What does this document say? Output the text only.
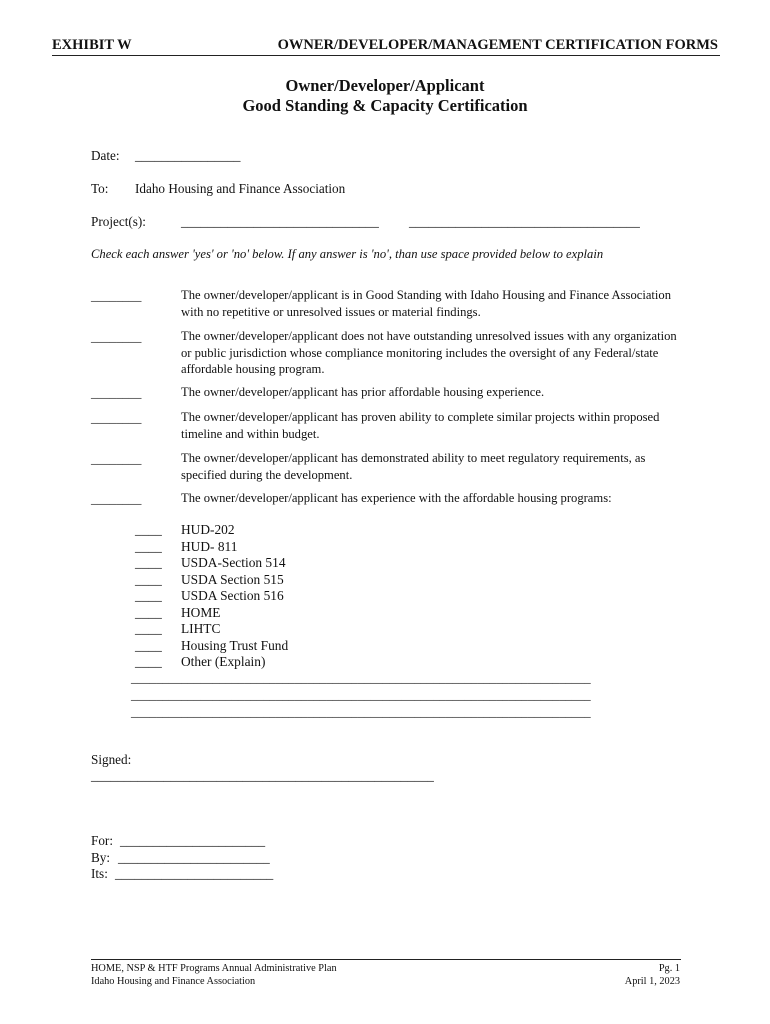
EXHIBIT W	OWNER/DEVELOPER/MANAGEMENT CERTIFICATION FORMS
Owner/Developer/Applicant
Good Standing & Capacity Certification
Date: ________________
To: Idaho Housing and Finance Association
Project(s):	______________________________ ___________________________________
Check each answer 'yes' or 'no' below. If any answer is 'no', than use space provided below to explain
________	The owner/developer/applicant is in Good Standing with Idaho Housing and Finance Association with no repetitive or unresolved issues or material findings.
________	The owner/developer/applicant does not have outstanding unresolved issues with any organization or public jurisdiction whose compliance monitoring includes the oversight of any Federal/state affordable housing program.
________	The owner/developer/applicant has prior affordable housing experience.
________	The owner/developer/applicant has proven ability to complete similar projects within proposed timeline and within budget.
________	The owner/developer/applicant has demonstrated ability to meet regulatory requirements, as specified during the development.
________	The owner/developer/applicant has experience with the affordable housing programs:
____ HUD-202
____ HUD- 811
____ USDA-Section 514
____ USDA Section 515
____ USDA Section 516
____ HOME
____ LIHTC
____ Housing Trust Fund
____ Other (Explain)
_________________________________________________________________________
_________________________________________________________________________
_________________________________________________________________________
Signed:
____________________________________________________
For: ______________________
By: _______________________
Its: ________________________
HOME, NSP & HTF Programs Annual Administrative Plan
Idaho Housing and Finance Association
Pg. 1
April 1, 2023
